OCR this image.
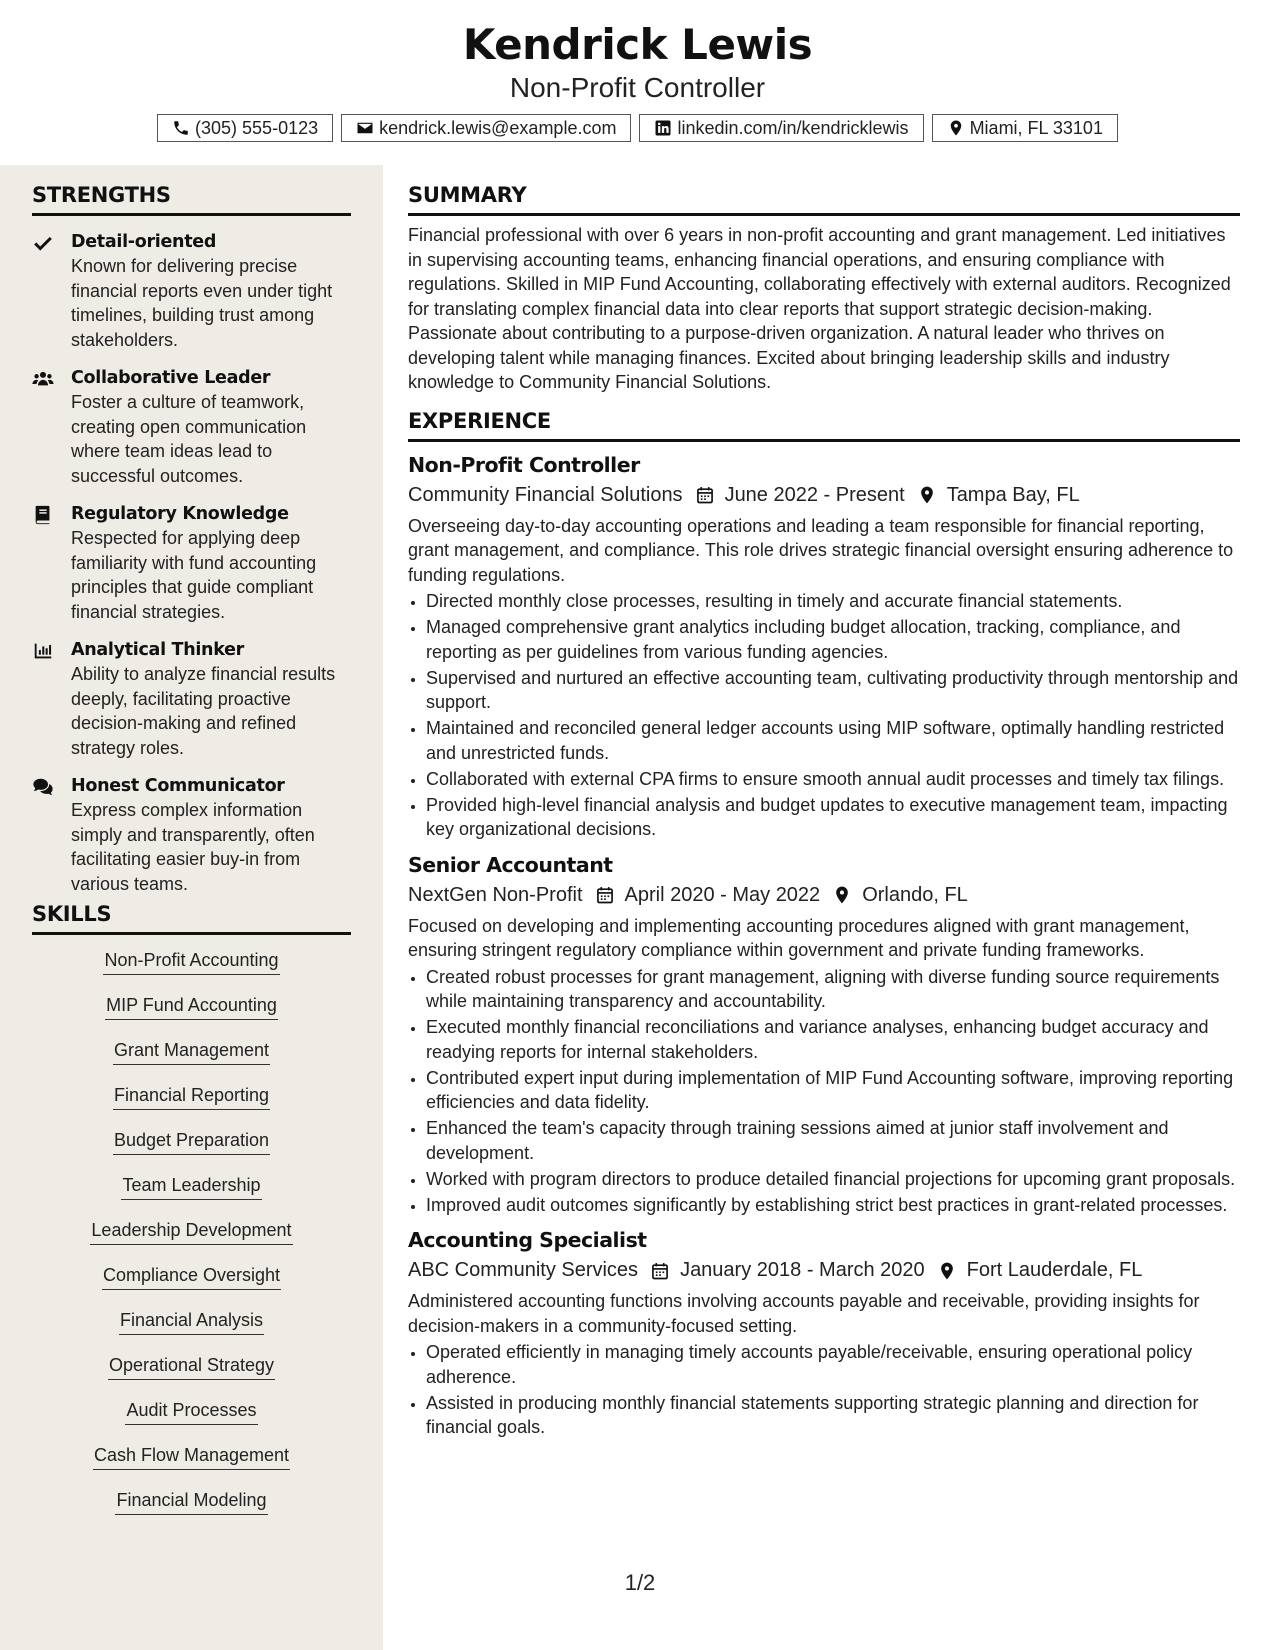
Kendrick Lewis
Non-Profit Controller
(305) 555-0123	kendrick.lewis@example.com	linkedin.com/in/kendricklewis	Miami, FL 33101
STRENGTHS
Detail-oriented
Known for delivering precise financial reports even under tight timelines, building trust among stakeholders.
Collaborative Leader
Foster a culture of teamwork, creating open communication where team ideas lead to successful outcomes.
Regulatory Knowledge
Respected for applying deep familiarity with fund accounting principles that guide compliant financial strategies.
Analytical Thinker
Ability to analyze financial results deeply, facilitating proactive decision-making and refined strategy roles.
Honest Communicator
Express complex information simply and transparently, often facilitating easier buy-in from various teams.
SKILLS
Non-Profit Accounting
MIP Fund Accounting
Grant Management
Financial Reporting
Budget Preparation
Team Leadership
Leadership Development
Compliance Oversight
Financial Analysis
Operational Strategy
Audit Processes
Cash Flow Management
Financial Modeling
SUMMARY
Financial professional with over 6 years in non-profit accounting and grant management. Led initiatives in supervising accounting teams, enhancing financial operations, and ensuring compliance with regulations. Skilled in MIP Fund Accounting, collaborating effectively with external auditors. Recognized for translating complex financial data into clear reports that support strategic decision-making. Passionate about contributing to a purpose-driven organization. A natural leader who thrives on developing talent while managing finances. Excited about bringing leadership skills and industry knowledge to Community Financial Solutions.
EXPERIENCE
Non-Profit Controller
Community Financial Solutions June 2022 - Present Tampa Bay, FL
Overseeing day-to-day accounting operations and leading a team responsible for financial reporting, grant management, and compliance. This role drives strategic financial oversight ensuring adherence to funding regulations.
• Directed monthly close processes, resulting in timely and accurate financial statements.
• Managed comprehensive grant analytics including budget allocation, tracking, compliance, and reporting as per guidelines from various funding agencies.
• Supervised and nurtured an effective accounting team, cultivating productivity through mentorship and support.
• Maintained and reconciled general ledger accounts using MIP software, optimally handling restricted and unrestricted funds.
• Collaborated with external CPA firms to ensure smooth annual audit processes and timely tax filings.
• Provided high-level financial analysis and budget updates to executive management team, impacting key organizational decisions.
Senior Accountant
NextGen Non-Profit April 2020 - May 2022 Orlando, FL
Focused on developing and implementing accounting procedures aligned with grant management, ensuring stringent regulatory compliance within government and private funding frameworks.
• Created robust processes for grant management, aligning with diverse funding source requirements while maintaining transparency and accountability.
• Executed monthly financial reconciliations and variance analyses, enhancing budget accuracy and readying reports for internal stakeholders.
• Contributed expert input during implementation of MIP Fund Accounting software, improving reporting efficiencies and data fidelity.
• Enhanced the team's capacity through training sessions aimed at junior staff involvement and development.
• Worked with program directors to produce detailed financial projections for upcoming grant proposals.
• Improved audit outcomes significantly by establishing strict best practices in grant-related processes.
Accounting Specialist
ABC Community Services January 2018 - March 2020 Fort Lauderdale, FL
Administered accounting functions involving accounts payable and receivable, providing insights for decision-makers in a community-focused setting.
• Operated efficiently in managing timely accounts payable/receivable, ensuring operational policy adherence.
• Assisted in producing monthly financial statements supporting strategic planning and direction for financial goals.
1/2
